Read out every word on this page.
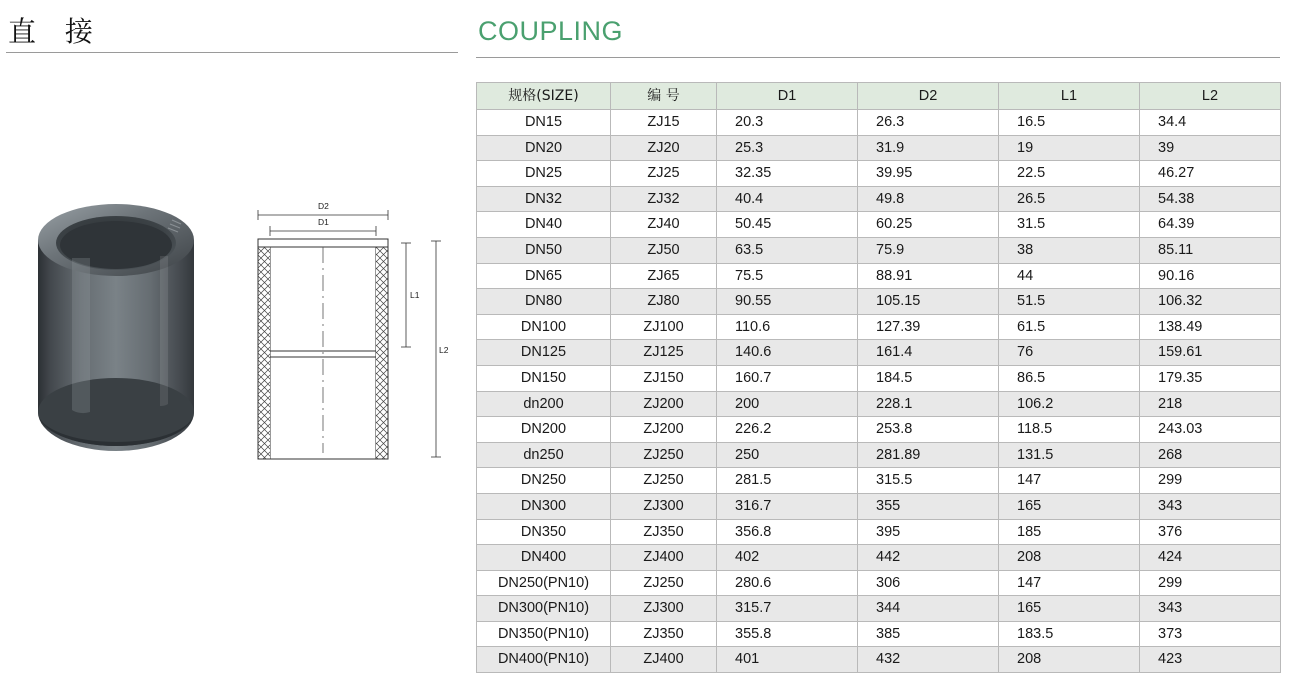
直 接
D2
D1
L1
L2
COUPLING
规格(SIZE)	编 号	D1	D2	L1	L2
DN15	ZJ15	20.3	26.3	16.5	34.4
DN20	ZJ20	25.3	31.9	19	39
DN25	ZJ25	32.35	39.95	22.5	46.27
DN32	ZJ32	40.4	49.8	26.5	54.38
DN40	ZJ40	50.45	60.25	31.5	64.39
DN50	ZJ50	63.5	75.9	38	85.11
DN65	ZJ65	75.5	88.91	44	90.16
DN80	ZJ80	90.55	105.15	51.5	106.32
DN100	ZJ100	110.6	127.39	61.5	138.49
DN125	ZJ125	140.6	161.4	76	159.61
DN150	ZJ150	160.7	184.5	86.5	179.35
dn200	ZJ200	200	228.1	106.2	218
DN200	ZJ200	226.2	253.8	118.5	243.03
dn250	ZJ250	250	281.89	131.5	268
DN250	ZJ250	281.5	315.5	147	299
DN300	ZJ300	316.7	355	165	343
DN350	ZJ350	356.8	395	185	376
DN400	ZJ400	402	442	208	424
DN250(PN10)	ZJ250	280.6	306	147	299
DN300(PN10)	ZJ300	315.7	344	165	343
DN350(PN10)	ZJ350	355.8	385	183.5	373
DN400(PN10)	ZJ400	401	432	208	423
